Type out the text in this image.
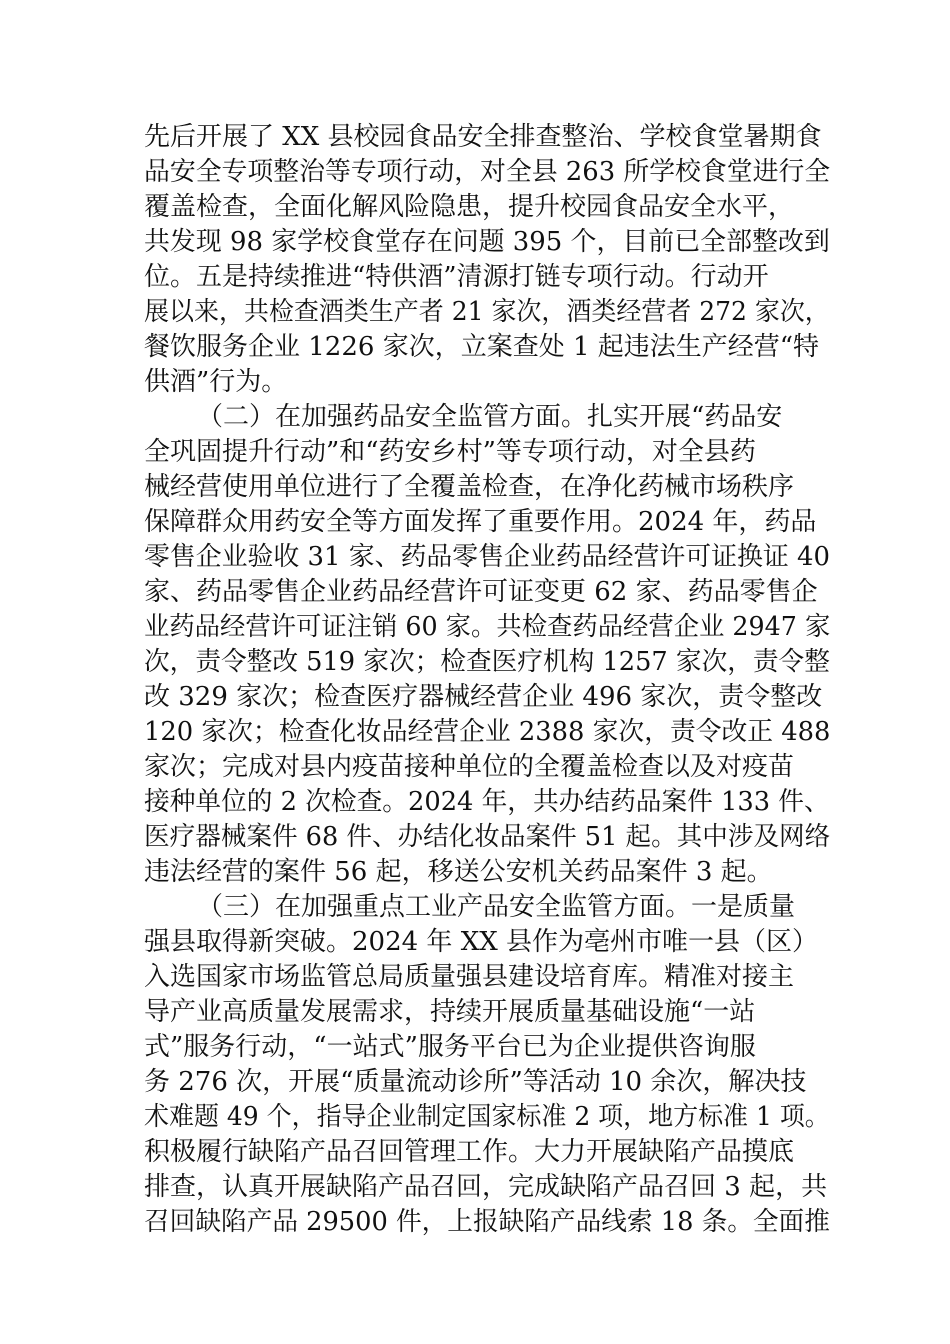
先后开展了 XX 县校园食品安全排查整治、学校食堂暑期食
品安全专项整治等专项行动，对全县 263 所学校食堂进行全
覆盖检查，全面化解风险隐患，提升校园食品安全水平，
共发现 98 家学校食堂存在问题 395 个，目前已全部整改到
位。五是持续推进“特供酒”清源打链专项行动。行动开
展以来，共检查酒类生产者 21 家次，酒类经营者 272 家次，
餐饮服务企业 1226 家次，立案查处 1 起违法生产经营“特
供酒”行为。
（二）在加强药品安全监管方面。扎实开展“药品安
全巩固提升行动”和“药安乡村”等专项行动，对全县药
械经营使用单位进行了全覆盖检查，在净化药械市场秩序
保障群众用药安全等方面发挥了重要作用。2024 年，药品
零售企业验收 31 家、药品零售企业药品经营许可证换证 40
家、药品零售企业药品经营许可证变更 62 家、药品零售企
业药品经营许可证注销 60 家。共检查药品经营企业 2947 家
次，责令整改 519 家次；检查医疗机构 1257 家次，责令整
改 329 家次；检查医疗器械经营企业 496 家次，责令整改
120 家次；检查化妆品经营企业 2388 家次，责令改正 488
家次；完成对县内疫苗接种单位的全覆盖检查以及对疫苗
接种单位的 2 次检查。2024 年，共办结药品案件 133 件、
医疗器械案件 68 件、办结化妆品案件 51 起。其中涉及网络
违法经营的案件 56 起，移送公安机关药品案件 3 起。
（三）在加强重点工业产品安全监管方面。一是质量
强县取得新突破。2024 年 XX 县作为亳州市唯一县（区）
入选国家市场监管总局质量强县建设培育库。精准对接主
导产业高质量发展需求，持续开展质量基础设施“一站
式”服务行动，“一站式”服务平台已为企业提供咨询服
务 276 次，开展“质量流动诊所”等活动 10 余次，解决技
术难题 49 个，指导企业制定国家标准 2 项，地方标准 1 项。
积极履行缺陷产品召回管理工作。大力开展缺陷产品摸底
排查，认真开展缺陷产品召回，完成缺陷产品召回 3 起，共
召回缺陷产品 29500 件，上报缺陷产品线索 18 条。全面推
